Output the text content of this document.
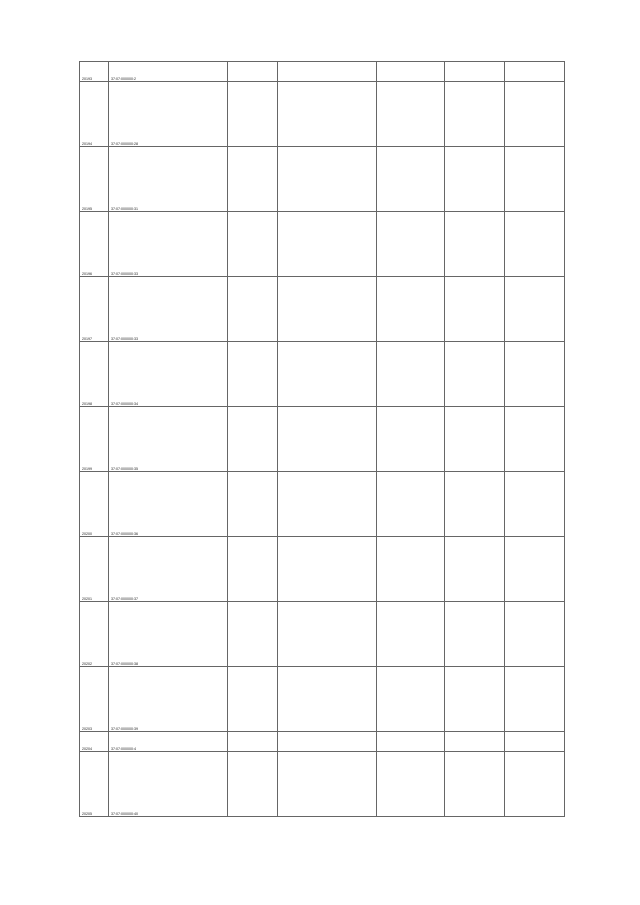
20193	37:07:000000:2					
20194	37:07:000000:28					
20195	37:07:000000:31					
20196	37:07:000000:33					
20197	37:07:000000:33					
20198	37:07:000000:34					
20199	37:07:000000:35					
20200	37:07:000000:36					
20201	37:07:000000:37					
20202	37:07:000000:38					
20203	37:07:000000:39					
20204	37:07:000000:4					
20205	37:07:000000:40					
